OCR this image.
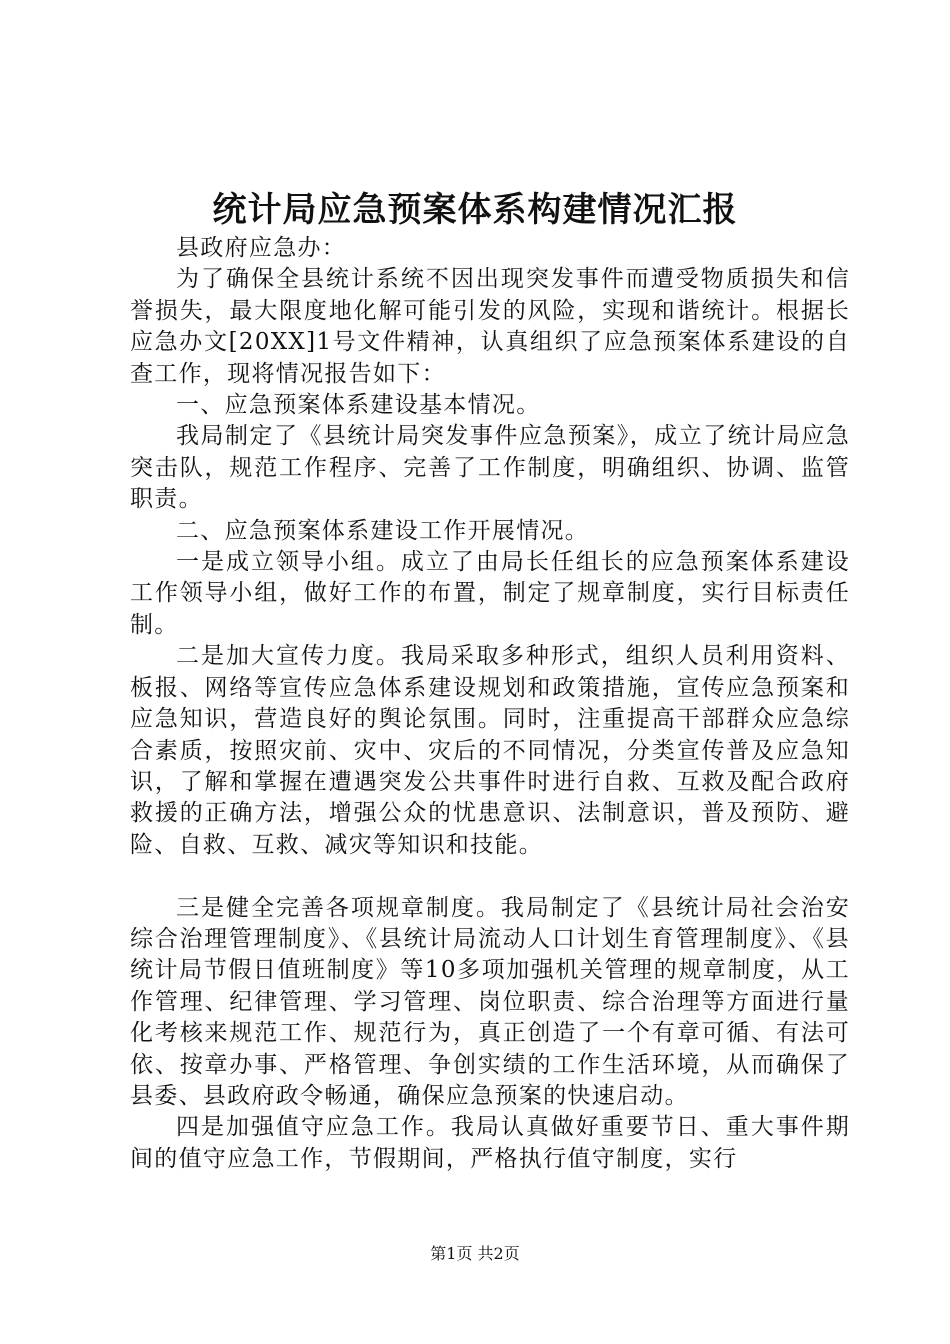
统计局应急预案体系构建情况汇报

县政府应急办：

为了确保全县统计系统不因出现突发事件而遭受物质损失和信誉损失，最大限度地化解可能引发的风险，实现和谐统计。根据长应急办文[20XX]1号文件精神，认真组织了应急预案体系建设的自查工作，现将情况报告如下：

一、应急预案体系建设基本情况。

我局制定了《县统计局突发事件应急预案》，成立了统计局应急突击队，规范工作程序、完善了工作制度，明确组织、协调、监管职责。

二、应急预案体系建设工作开展情况。

一是成立领导小组。成立了由局长任组长的应急预案体系建设工作领导小组，做好工作的布置，制定了规章制度，实行目标责任制。

二是加大宣传力度。我局采取多种形式，组织人员利用资料、板报、网络等宣传应急体系建设规划和政策措施，宣传应急预案和应急知识，营造良好的舆论氛围。同时，注重提高干部群众应急综合素质，按照灾前、灾中、灾后的不同情况，分类宣传普及应急知识，了解和掌握在遭遇突发公共事件时进行自救、互救及配合政府救援的正确方法，增强公众的忧患意识、法制意识，普及预防、避险、自救、互救、减灾等知识和技能。

三是健全完善各项规章制度。我局制定了《县统计局社会治安综合治理管理制度》、《县统计局流动人口计划生育管理制度》、《县统计局节假日值班制度》等10多项加强机关管理的规章制度，从工作管理、纪律管理、学习管理、岗位职责、综合治理等方面进行量化考核来规范工作、规范行为，真正创造了一个有章可循、有法可依、按章办事、严格管理、争创实绩的工作生活环境，从而确保了县委、县政府政令畅通，确保应急预案的快速启动。

四是加强值守应急工作。我局认真做好重要节日、重大事件期间的值守应急工作，节假期间，严格执行值守制度，实行

第1页 共2页
